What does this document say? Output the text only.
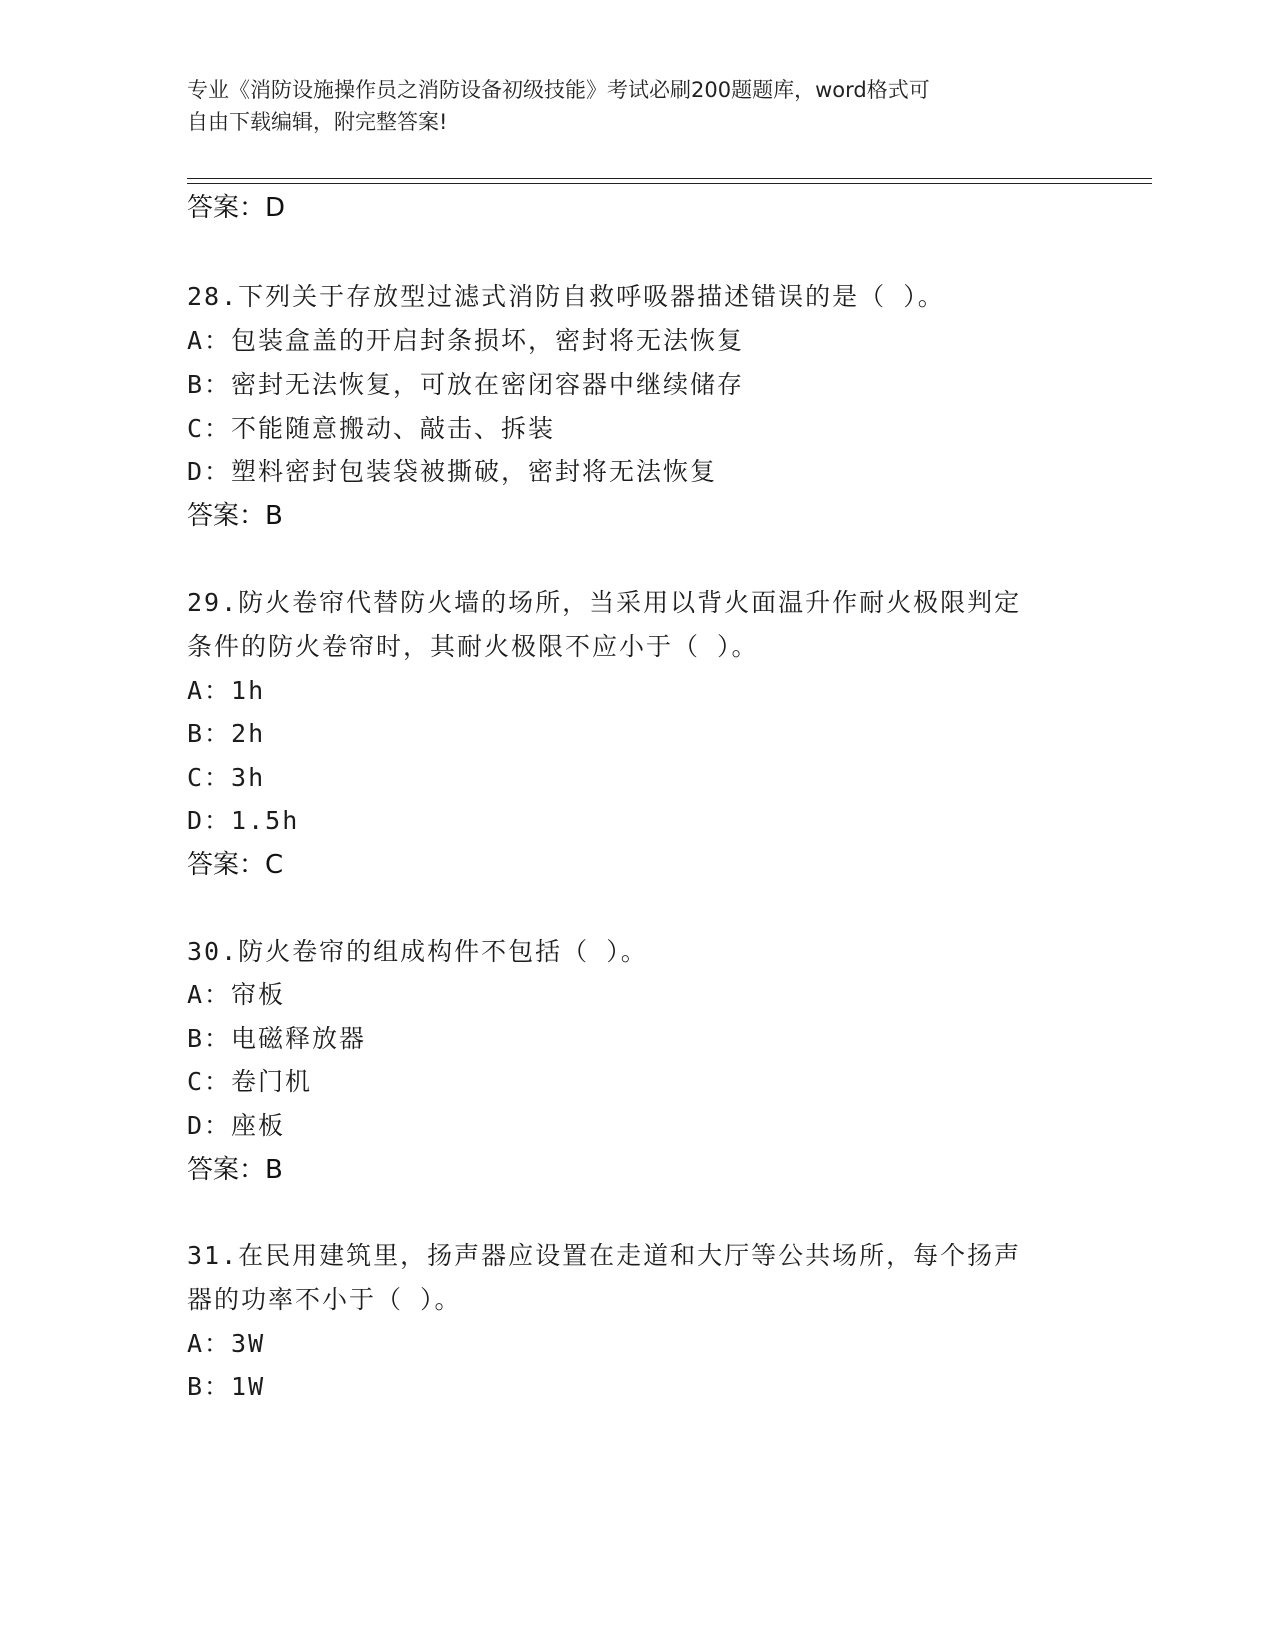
专业《消防设施操作员之消防设备初级技能》考试必刷200题题库，word格式可
自由下载编辑，附完整答案!
答案：D
28.下列关于存放型过滤式消防自救呼吸器描述错误的是（ ）。
A：包装盒盖的开启封条损坏，密封将无法恢复
B：密封无法恢复，可放在密闭容器中继续储存
C：不能随意搬动、敲击、拆装
D：塑料密封包装袋被撕破，密封将无法恢复
答案：B
29.防火卷帘代替防火墙的场所，当采用以背火面温升作耐火极限判定
条件的防火卷帘时，其耐火极限不应小于（ ）。
A：1h
B：2h
C：3h
D：1.5h
答案：C
30.防火卷帘的组成构件不包括（ ）。
A：帘板
B：电磁释放器
C：卷门机
D：座板
答案：B
31.在民用建筑里，扬声器应设置在走道和大厅等公共场所，每个扬声
器的功率不小于（ ）。
A：3W
B：1W
